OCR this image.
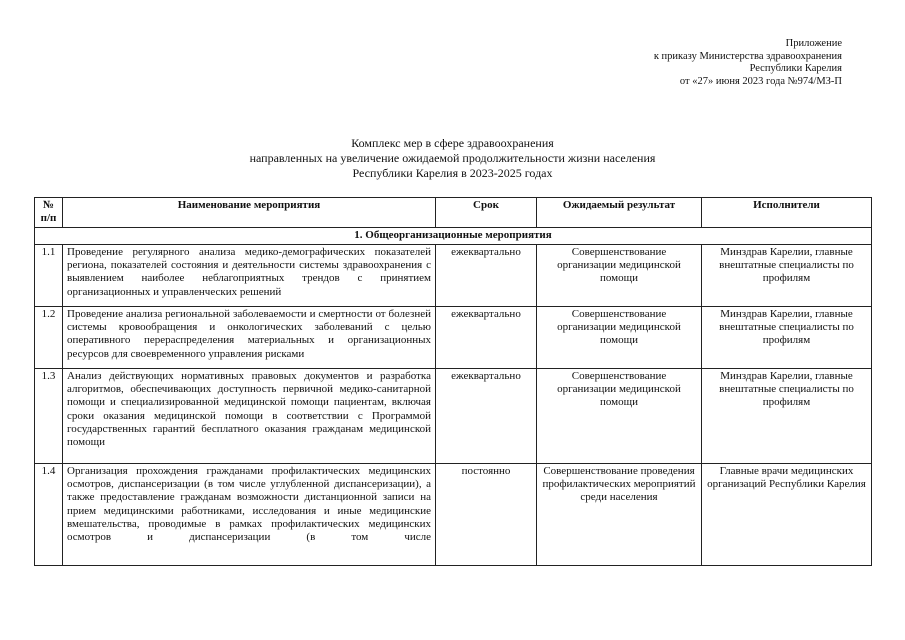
Приложение
к приказу Министерства здравоохранения
Республики Карелия
от «27» июня 2023 года №974/МЗ-П
Комплекс мер в сфере здравоохранения
направленных на увеличение ожидаемой продолжительности жизни населения
Республики Карелия в 2023-2025 годах
№
п/п	Наименование мероприятия	Срок	Ожидаемый результат	Исполнители
1. Общеорганизационные мероприятия				
1.1	Проведение регулярного анализа медико-демографических показателей региона, показателей состояния и деятельности системы здравоохранения с выявлением наиболее неблагоприятных трендов с принятием организационных и управленческих решений	ежеквартально	Совершенствование организации медицинской помощи	Минздрав Карелии, главные внештатные специалисты по профилям
1.2	Проведение анализа региональной заболеваемости и смертности от болезней системы кровообращения и онкологических заболеваний с целью оперативного перераспределения материальных и организационных ресурсов для своевременного управления рисками	ежеквартально	Совершенствование организации медицинской помощи	Минздрав Карелии, главные внештатные специалисты по профилям
1.3	Анализ действующих нормативных правовых документов и разработка алгоритмов, обеспечивающих доступность первичной медико-санитарной помощи и специализированной медицинской помощи пациентам, включая сроки оказания медицинской помощи в соответствии с Программой государственных гарантий бесплатного оказания гражданам медицинской помощи	ежеквартально	Совершенствование организации медицинской помощи	Минздрав Карелии, главные внештатные специалисты по профилям
1.4	Организация прохождения гражданами профилактических медицинских осмотров, диспансеризации (в том числе углубленной диспансеризации), а также предоставление гражданам возможности дистанционной записи на прием медицинскими работниками, исследования и иные медицинские вмешательства, проводимые в рамках профилактических медицинских осмотров и диспансеризации (в том числе	постоянно	Совершенствование проведения профилактических мероприятий среди населения	Главные врачи медицинских организаций Республики Карелия
